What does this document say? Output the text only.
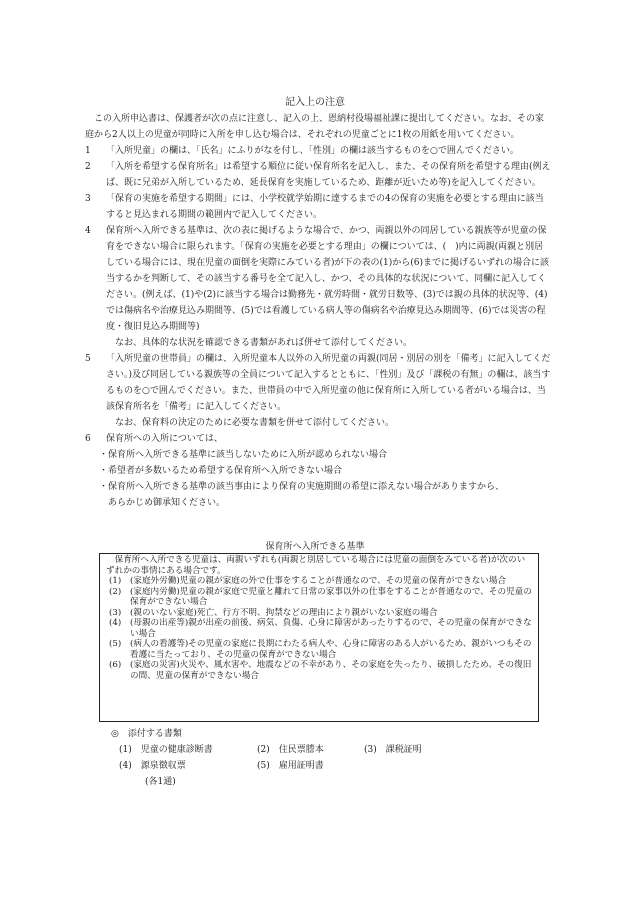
記入上の注意

この入所申込書は、保護者が次の点に注意し、記入の上、恩納村役場福祉課に提出してください。なお、その家庭から2人以上の児童が同時に入所を申し込む場合は、それぞれの児童ごとに1枚の用紙を用いてください。

1	「入所児童」の欄は、「氏名」にふりがなを付し、「性別」の欄は該当するものを○で囲んでください。
2	「入所を希望する保育所名」は希望する順位に従い保育所名を記入し、また、その保育所を希望する理由(例えば、既に兄弟が入所しているため、延長保育を実施しているため、距離が近いため等)を記入してください。
3	「保育の実施を希望する期間」には、小学校就学始期に達するまでの4の保育の実施を必要とする理由に該当すると見込まれる期間の範囲内で記入してください。
4	保育所へ入所できる基準は、次の表に掲げるような場合で、かつ、両親以外の同居している親族等が児童の保育をできない場合に限られます。「保育の実施を必要とする理由」の欄については、(　)内に両親(両親と別居している場合には、現在児童の面倒を実際にみている者)が下の表の(1)から(6)までに掲げるいずれの場合に該当するかを判断して、その該当する番号を全て記入し、かつ、その具体的な状況について、同欄に記入してください。(例えば、(1)や(2)に該当する場合は勤務先・就労時間・就労日数等、(3)では親の具体的状況等、(4)では傷病名や治療見込み期間等、(5)では看護している病人等の傷病名や治療見込み期間等、(6)では災害の程度・復旧見込み期間等)

なお、具体的な状況を確認できる書類があれば併せて添付してください。

5	「入所児童の世帯員」の欄は、入所児童本人以外の入所児童の両親(同居・別居の別を「備考」に記入してください。)及び同居している親族等の全員について記入するとともに、「性別」及び「課税の有無」の欄は、該当するものを○で囲んでください。また、世帯員の中で入所児童の他に保育所に入所している者がいる場合は、当該保育所名を「備考」に記入してください。

なお、保育料の決定のために必要な書類を併せて添付してください。

6	保育所への入所については、

・保育所へ入所できる基準に該当しないために入所が認められない場合

・希望者が多数いるため希望する保育所へ入所できない場合

・保育所へ入所できる基準の該当事由により保育の実施期間の希望に添えない場合がありますから、

　あらかじめ御承知ください。

保育所へ入所できる基準

保育所へ入所できる児童は、両親いずれも(両親と別居している場合には児童の面倒をみている者)が次のいずれかの事情にある場合です。

(1)	(家庭外労働)児童の親が家庭の外で仕事をすることが普通なので、その児童の保育ができない場合
(2)	(家庭内労働)児童の親が家庭で児童と離れて日常の家事以外の仕事をすることが普通なので、その児童の保育ができない場合
(3)	(親のいない家庭)死亡、行方不明、拘禁などの理由により親がいない家庭の場合
(4)	(母親の出産等)親が出産の前後、病気、負傷、心身に障害があったりするので、その児童の保育ができない場合
(5)	(病人の看護等)その児童の家庭に長期にわたる病人や、心身に障害のある人がいるため、親がいつもその看護に当たっており、その児童の保育ができない場合
(6)	(家庭の災害)火災や、風水害や、地震などの不幸があり、その家庭を失ったり、破損したため、その復旧の間、児童の保育ができない場合
◎　添付する書類
(1)　児童の健康診断書	(2)　住民票謄本	(3)　課税証明
(4)　源泉徴収票	(5)　雇用証明書
(各1通)
